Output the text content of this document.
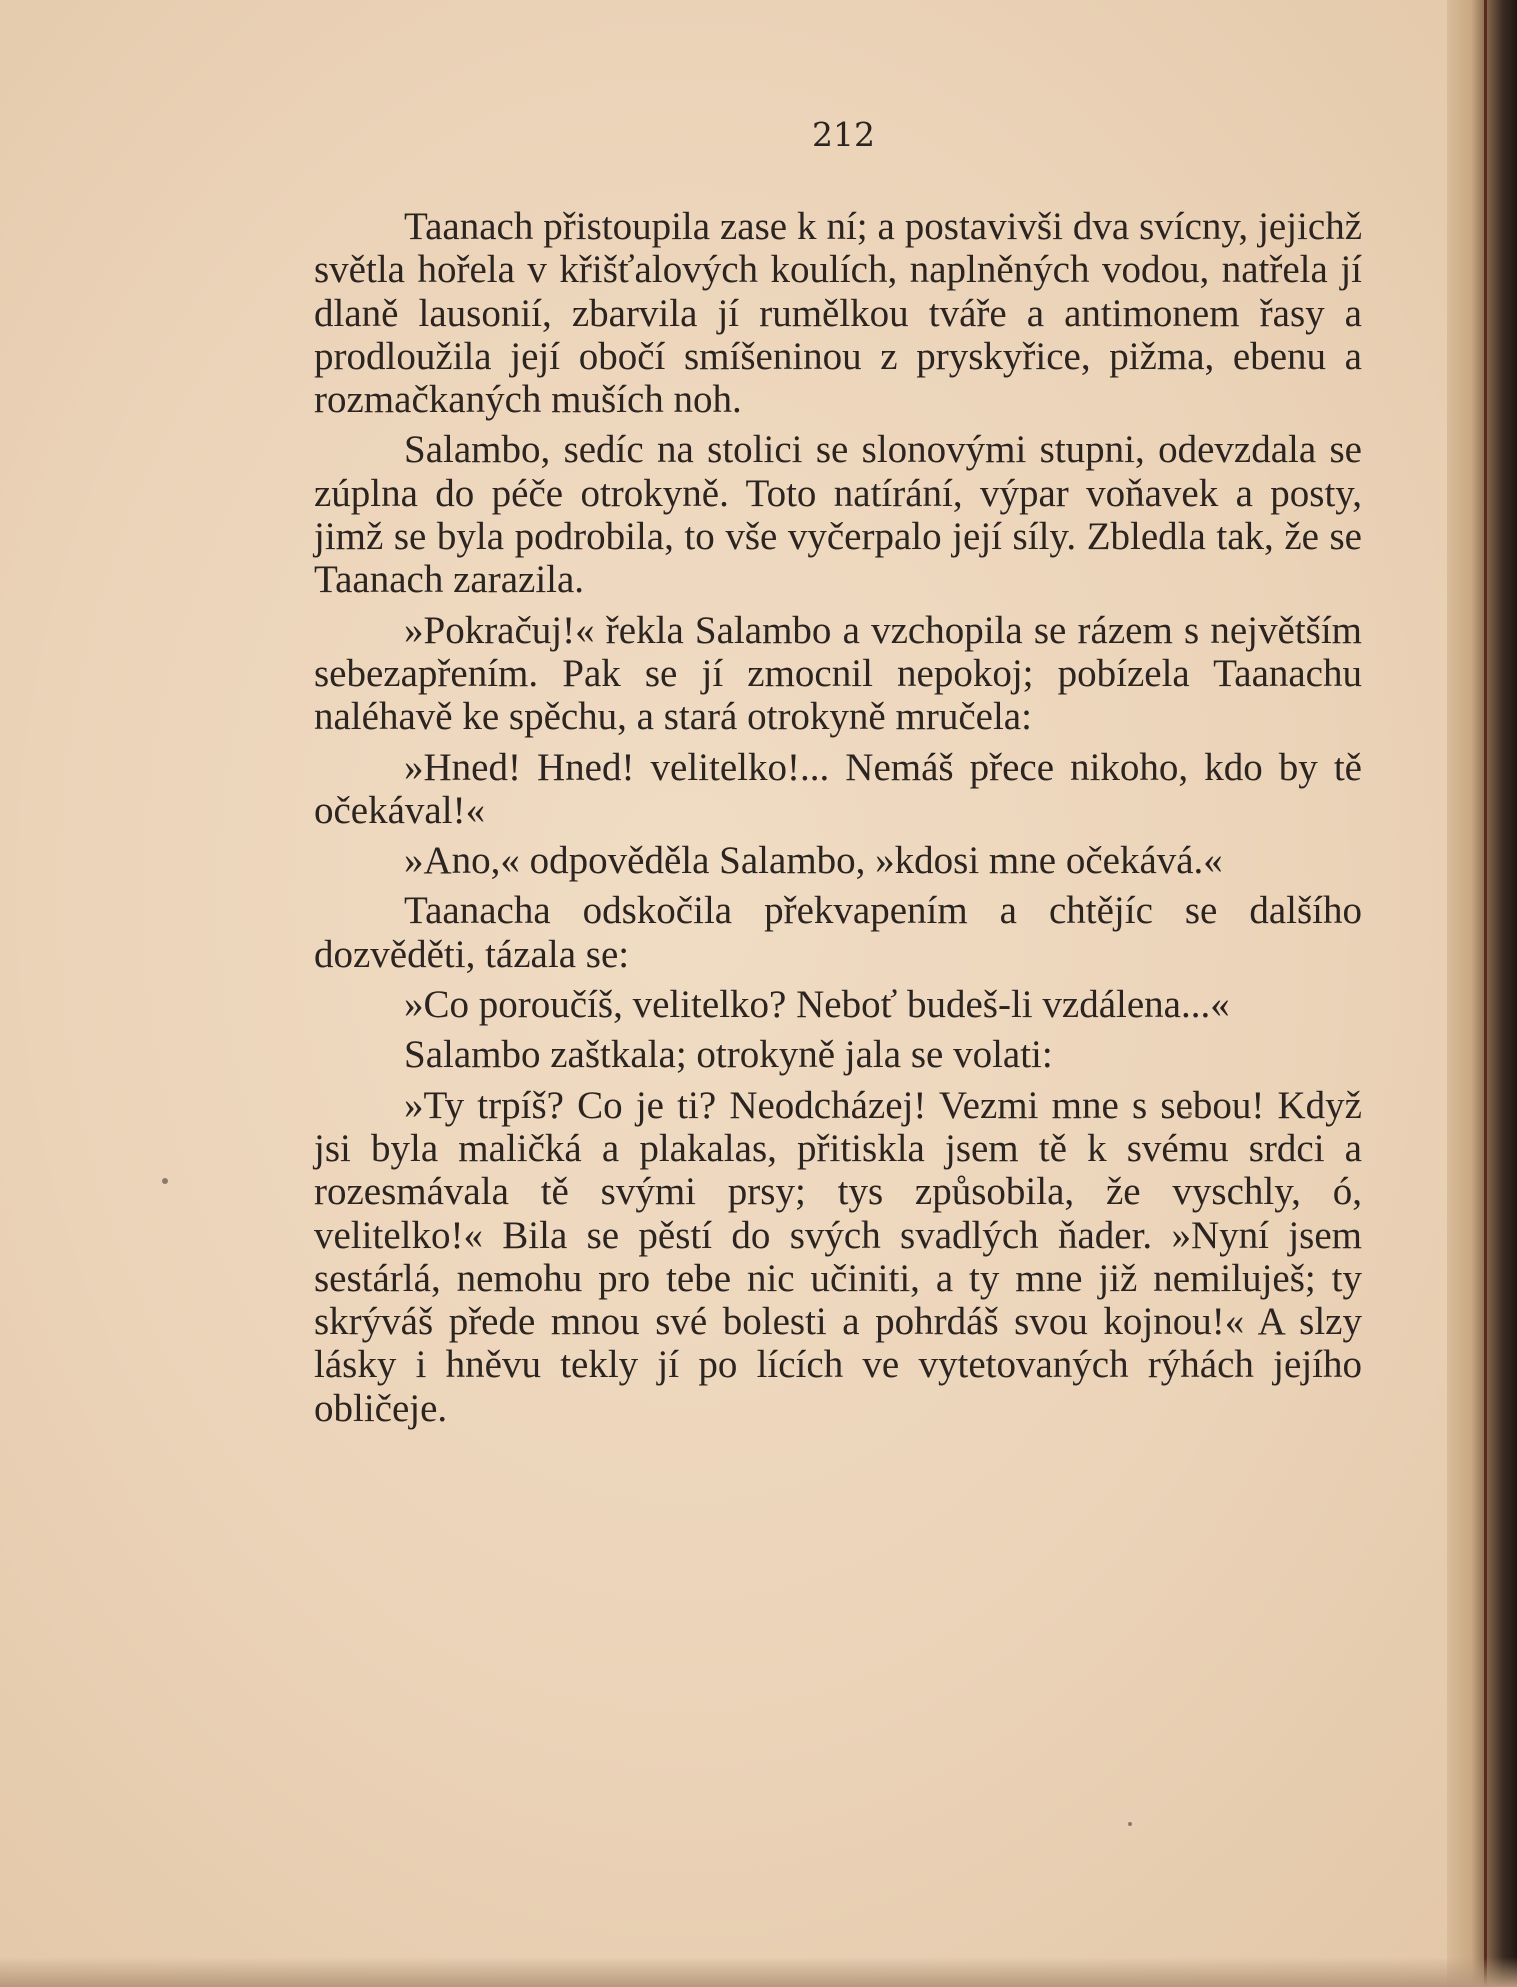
212

Taanach přistoupila zase k ní; a postavivši dva svícny, jejichž světla hořela v křišťalových koulích, naplněných vodou, natřela jí dlaně lausonií, zbarvila jí rumělkou tváře a antimonem řasy a prodloužila její obočí smíšeninou z pryskyřice, pižma, ebenu a rozmačkaných muších noh.

Salambo, sedíc na stolici se slonovými stupni, odevzdala se zúplna do péče otrokyně. Toto natírání, výpar voňavek a posty, jimž se byla podrobila, to vše vyčerpalo její síly. Zbledla tak, že se Taanach zarazila.

»Pokračuj!« řekla Salambo a vzchopila se rázem s největším sebezapřením. Pak se jí zmocnil nepokoj; pobízela Taanachu naléhavě ke spěchu, a stará otrokyně mručela:

»Hned! Hned! velitelko!... Nemáš přece nikoho, kdo by tě očekával!«

»Ano,« odpověděla Salambo, »kdosi mne očekává.«

Taanacha odskočila překvapením a chtějíc se dalšího dozvěděti, tázala se:

»Co poroučíš, velitelko? Neboť budeš-li vzdálena...«

Salambo zaštkala; otrokyně jala se volati:

»Ty trpíš? Co je ti? Neodcházej! Vezmi mne s sebou! Když jsi byla maličká a plakalas, přitiskla jsem tě k svému srdci a rozesmávala tě svými prsy; tys způsobila, že vyschly, ó, velitelko!« Bila se pěstí do svých svadlých ňader. »Nyní jsem sestárlá, nemohu pro tebe nic učiniti, a ty mne již nemiluješ; ty skrýváš přede mnou své bolesti a pohrdáš svou kojnou!« A slzy lásky i hněvu tekly jí po lících ve vytetovaných rýhách jejího obličeje.
